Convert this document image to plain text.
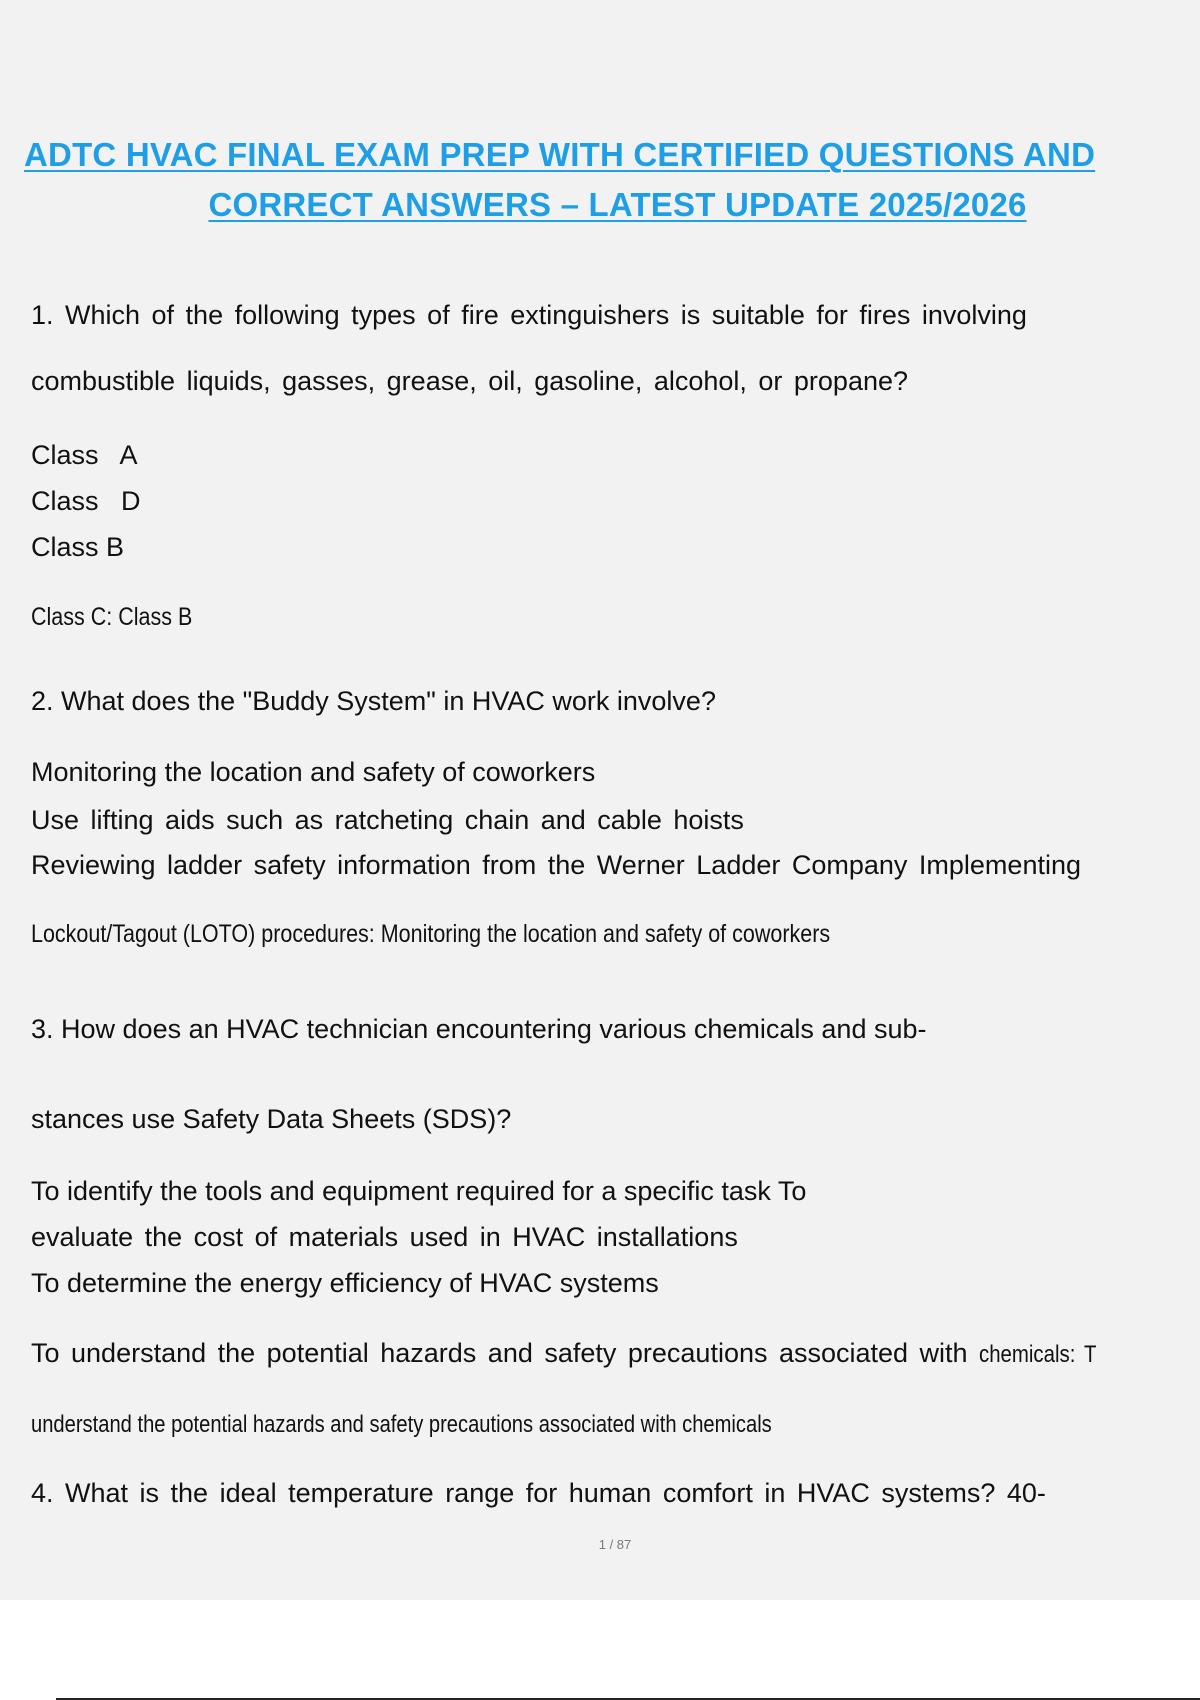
ADTC HVAC FINAL EXAM PREP WITH CERTIFIED QUESTIONS AND
CORRECT ANSWERS – LATEST UPDATE 2025/2026
1. Which of the following types of fire extinguishers is suitable for fires involving
combustible liquids, gasses, grease, oil, gasoline, alcohol, or propane?
Class   A
Class   D
Class B
Class C: Class B
2. What does the "Buddy System" in HVAC work involve?
Monitoring the location and safety of coworkers
Use lifting aids such as ratcheting chain and cable hoists
Reviewing ladder safety information from the Werner Ladder Company Implementing
Lockout/Tagout (LOTO) procedures: Monitoring the location and safety of coworkers
3. How does an HVAC technician encountering various chemicals and sub-
stances use Safety Data Sheets (SDS)?
To identify the tools and equipment required for a specific task To
evaluate the cost of materials used in HVAC installations
To determine the energy efficiency of HVAC systems
To understand the potential hazards and safety precautions associated with chemicals: T
understand the potential hazards and safety precautions associated with chemicals
4. What is the ideal temperature range for human comfort in HVAC systems? 40-
1 / 87
